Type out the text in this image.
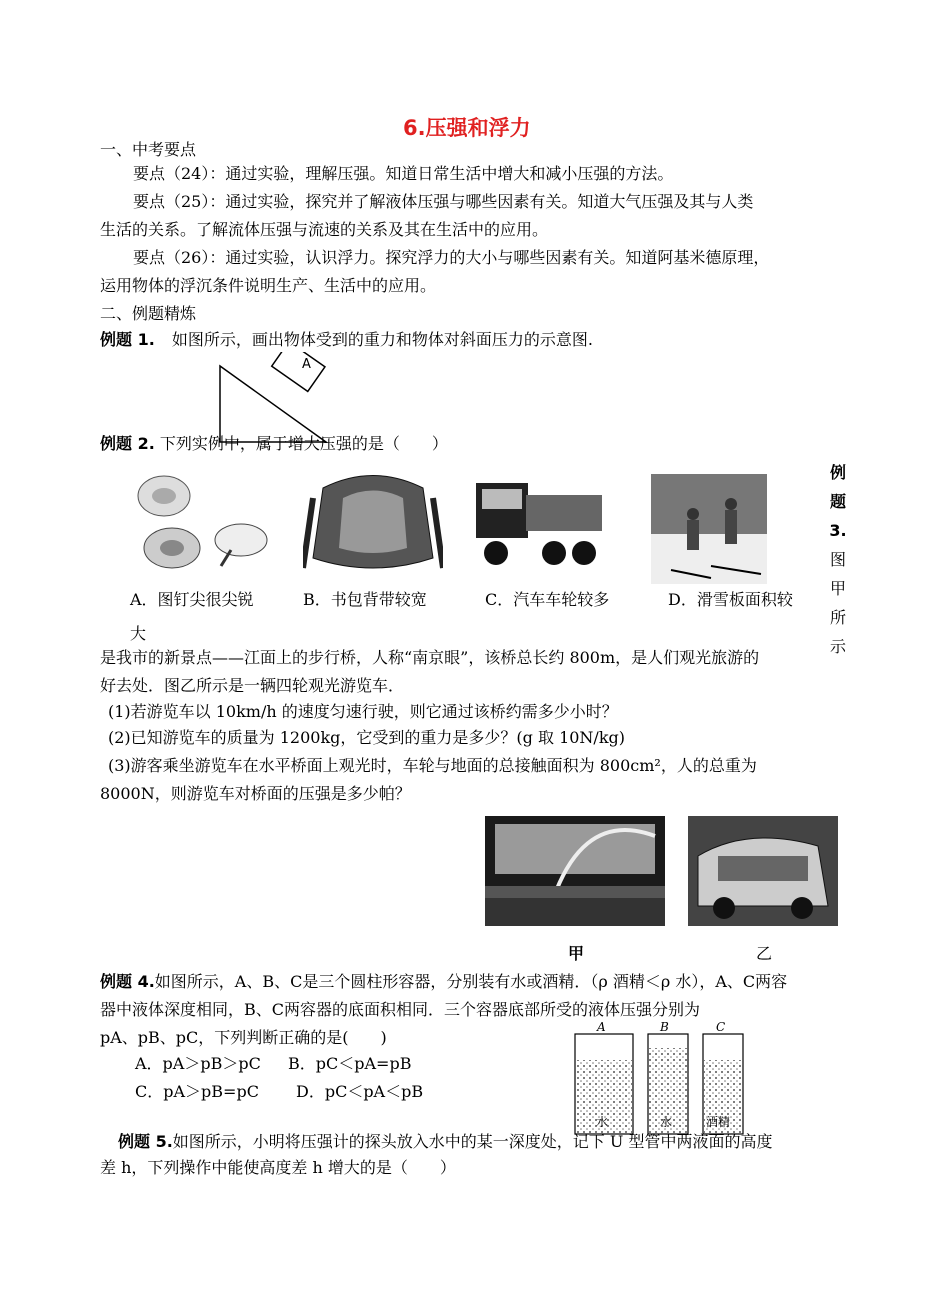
6.压强和浮力
一、中考要点
要点（24）：通过实验，理解压强。知道日常生活中增大和减小压强的方法。
要点（25）：通过实验，探究并了解液体压强与哪些因素有关。知道大气压强及其与人类
生活的关系。了解流体压强与流速的关系及其在生活中的应用。
要点（26）：通过实验，认识浮力。探究浮力的大小与哪些因素有关。知道阿基米德原理，
运用物体的浮沉条件说明生产、生活中的应用。
二、例题精炼
例题 1. 如图所示，画出物体受到的重力和物体对斜面压力的示意图.
A
例题 2. 下列实例中，属于增大压强的是（　　）
A．图钉尖很尖锐	B．书包背带较宽	C．汽车车轮较多	D．滑雪板面积较
大
例
题
3.
图
甲
所
示
是我市的新景点——江面上的步行桥，人称“南京眼”，该桥总长约 800m，是人们观光旅游的
好去处．图乙所示是一辆四轮观光游览车．
(1)若游览车以 10km/h 的速度匀速行驶，则它通过该桥约需多少小时？
(2)已知游览车的质量为 1200kg，它受到的重力是多少？(g 取 10N/kg)
(3)游客乘坐游览车在水平桥面上观光时，车轮与地面的总接触面积为 800cm²，人的总重为
8000N，则游览车对桥面的压强是多少帕？
甲	乙
例题 4.如图所示，A、B、C是三个圆柱形容器，分别装有水或酒精．（ρ 酒精＜ρ 水），A、C两容
器中液体深度相同，B、C两容器的底面积相同．三个容器底部所受的液体压强分别为
pA、pB、pC，下列判断正确的是(　　)
A．pA＞pB＞pC B．pC＜pA=pB
C．pA＞pB=pC D．pC＜pA＜pB
A	B	C
水	水	酒精
例题 5.如图所示，小明将压强计的探头放入水中的某一深度处，记下 U 型管中两液面的高度
差 h，下列操作中能使高度差 h 增大的是（　　）
